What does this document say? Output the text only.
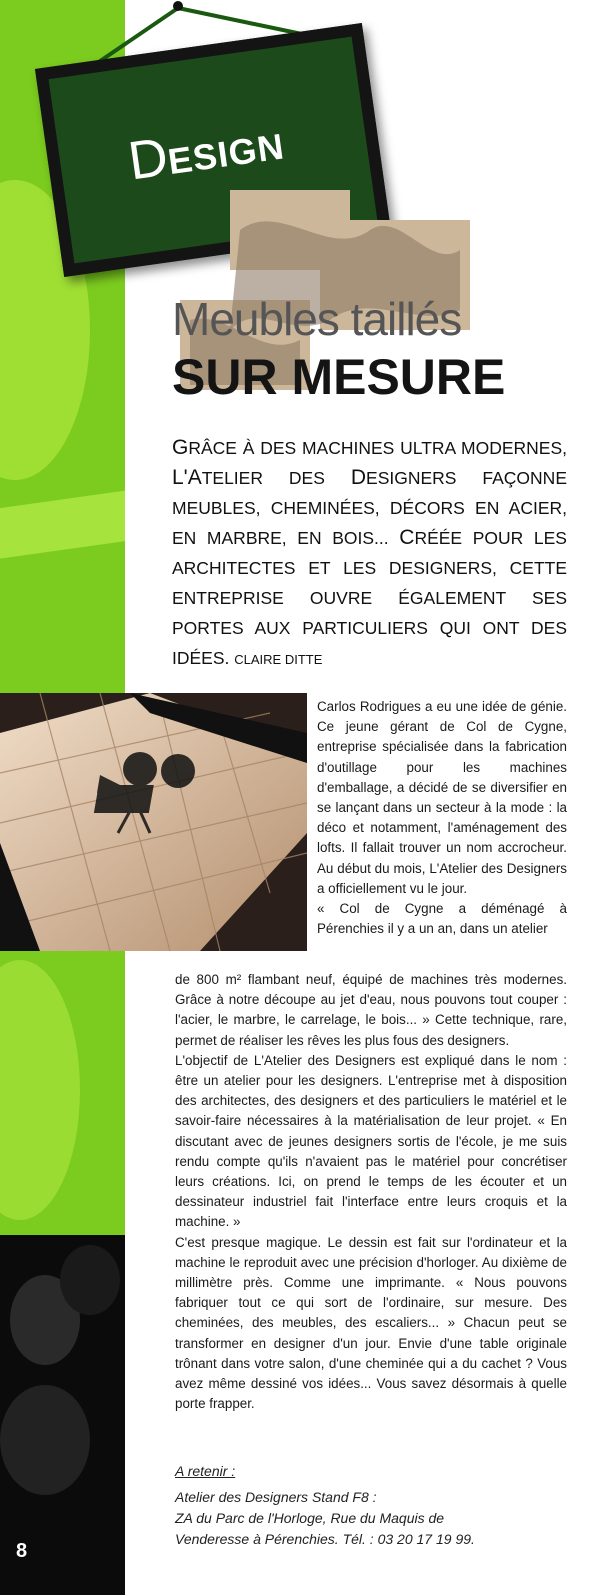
8
DESIGN
Meubles taillés
SUR MESURE
GRÂCE À DES MACHINES ULTRA MODERNES, L'ATELIER DES DESIGNERS FAÇONNE MEUBLES, CHEMINÉES, DÉCORS EN ACIER, EN MARBRE, EN BOIS... CRÉÉE POUR LES ARCHITECTES ET LES DESIGNERS, CETTE ENTREPRISE OUVRE ÉGALEMENT SES PORTES AUX PARTICULIERS QUI ONT DES IDÉES. CLAIRE DITTE

Carlos Rodrigues a eu une idée de génie. Ce jeune gérant de Col de Cygne, entreprise spécialisée dans la fabrication d'outillage pour les machines d'emballage, a décidé de se diversifier en se lançant dans un secteur à la mode : la déco et notamment, l'aménagement des lofts. Il fallait trouver un nom accrocheur. Au début du mois, L'Atelier des Designers a officiellement vu le jour.

« Col de Cygne a déménagé à Pérenchies il y a un an, dans un atelier

de 800 m² flambant neuf, équipé de machines très modernes. Grâce à notre découpe au jet d'eau, nous pouvons tout couper : l'acier, le marbre, le carrelage, le bois... » Cette technique, rare, permet de réaliser les rêves les plus fous des designers.

L'objectif de L'Atelier des Designers est expliqué dans le nom : être un atelier pour les designers. L'entreprise met à disposition des architectes, des designers et des particuliers le matériel et le savoir-faire nécessaires à la matérialisation de leur projet. « En discutant avec de jeunes designers sortis de l'école, je me suis rendu compte qu'ils n'avaient pas le matériel pour concrétiser leurs créations. Ici, on prend le temps de les écouter et un dessinateur industriel fait l'interface entre leurs croquis et la machine. »

C'est presque magique. Le dessin est fait sur l'ordinateur et la machine le reproduit avec une précision d'horloger. Au dixième de millimètre près. Comme une imprimante. « Nous pouvons fabriquer tout ce qui sort de l'ordinaire, sur mesure. Des cheminées, des meubles, des escaliers... » Chacun peut se transformer en designer d'un jour. Envie d'une table originale trônant dans votre salon, d'une cheminée qui a du cachet ? Vous avez même dessiné vos idées... Vous savez désormais à quelle porte frapper.

A retenir :
Atelier des Designers Stand F8 :
ZA du Parc de l'Horloge, Rue du Maquis de
Venderesse à Pérenchies. Tél. : 03 20 17 19 99.
